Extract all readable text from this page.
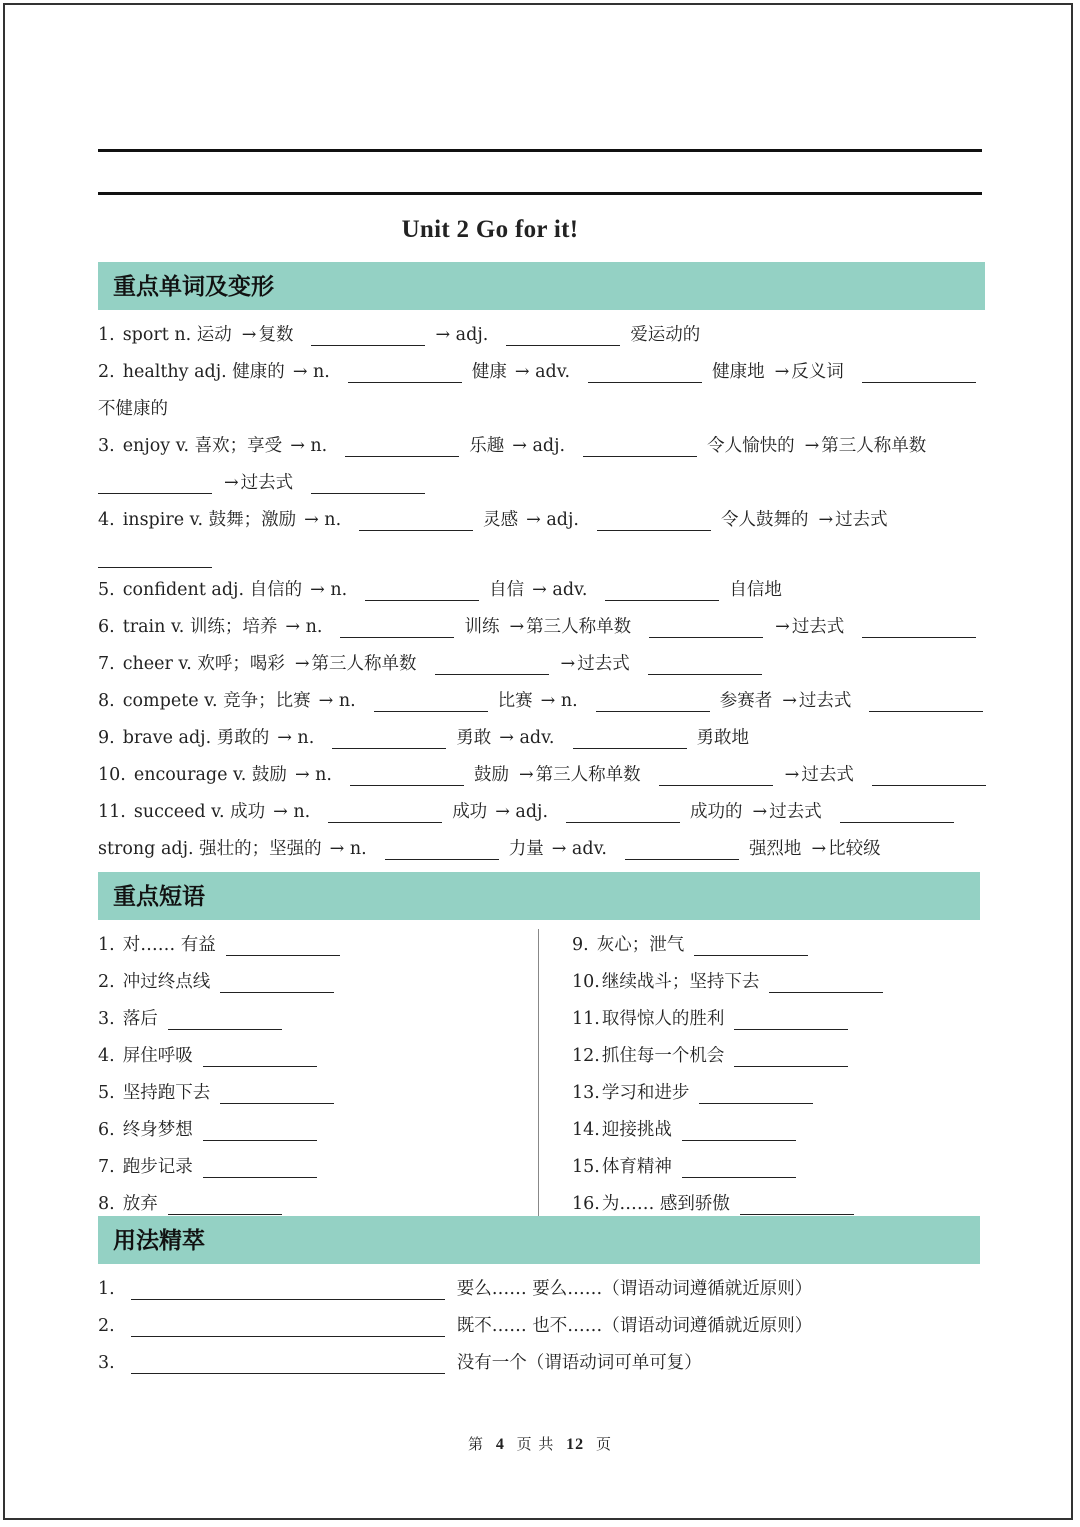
Unit 2 Go for it!
重点单词及变形
1. sport n. 运动 → 复数	→ adj.	爱运动的
2. healthy adj. 健康的 → n.	健康 → adv.	健康地 → 反义词
不健康的
3. enjoy v. 喜欢；享受 → n.	乐趣 → adj.	令人愉快的 → 第三人称单数
→ 过去式
4. inspire v. 鼓舞；激励 → n.	灵感 → adj.	令人鼓舞的 → 过去式
5. confident adj. 自信的 → n.	自信 → adv.	自信地
6. train v. 训练；培养 → n.	训练 → 第三人称单数	→ 过去式
7. cheer v. 欢呼；喝彩 → 第三人称单数	→ 过去式
8. compete v. 竞争；比赛 → n.	比赛 → n.	参赛者 → 过去式
9. brave adj. 勇敢的 → n.	勇敢 → adv.	勇敢地
10. encourage v. 鼓励 → n.	鼓励 → 第三人称单数	→ 过去式
11. succeed v. 成功 → n.	成功 → adj.	成功的 → 过去式
strong adj. 强壮的；坚强的 → n.	力量 → adv.	强烈地 → 比较级
重点短语
1. 对…… 有益
2. 冲过终点线
3. 落后
4. 屏住呼吸
5. 坚持跑下去
6. 终身梦想
7. 跑步记录
8. 放弃
9. 灰心；泄气
10. 继续战斗；坚持下去
11. 取得惊人的胜利
12. 抓住每一个机会
13. 学习和进步
14. 迎接挑战
15. 体育精神
16. 为…… 感到骄傲
用法精萃
1.	要么…… 要么……（谓语动词遵循就近原则）
2.	既不…… 也不……（谓语动词遵循就近原则）
3.	没有一个（谓语动词可单可复）
第 4 页 共 12 页
